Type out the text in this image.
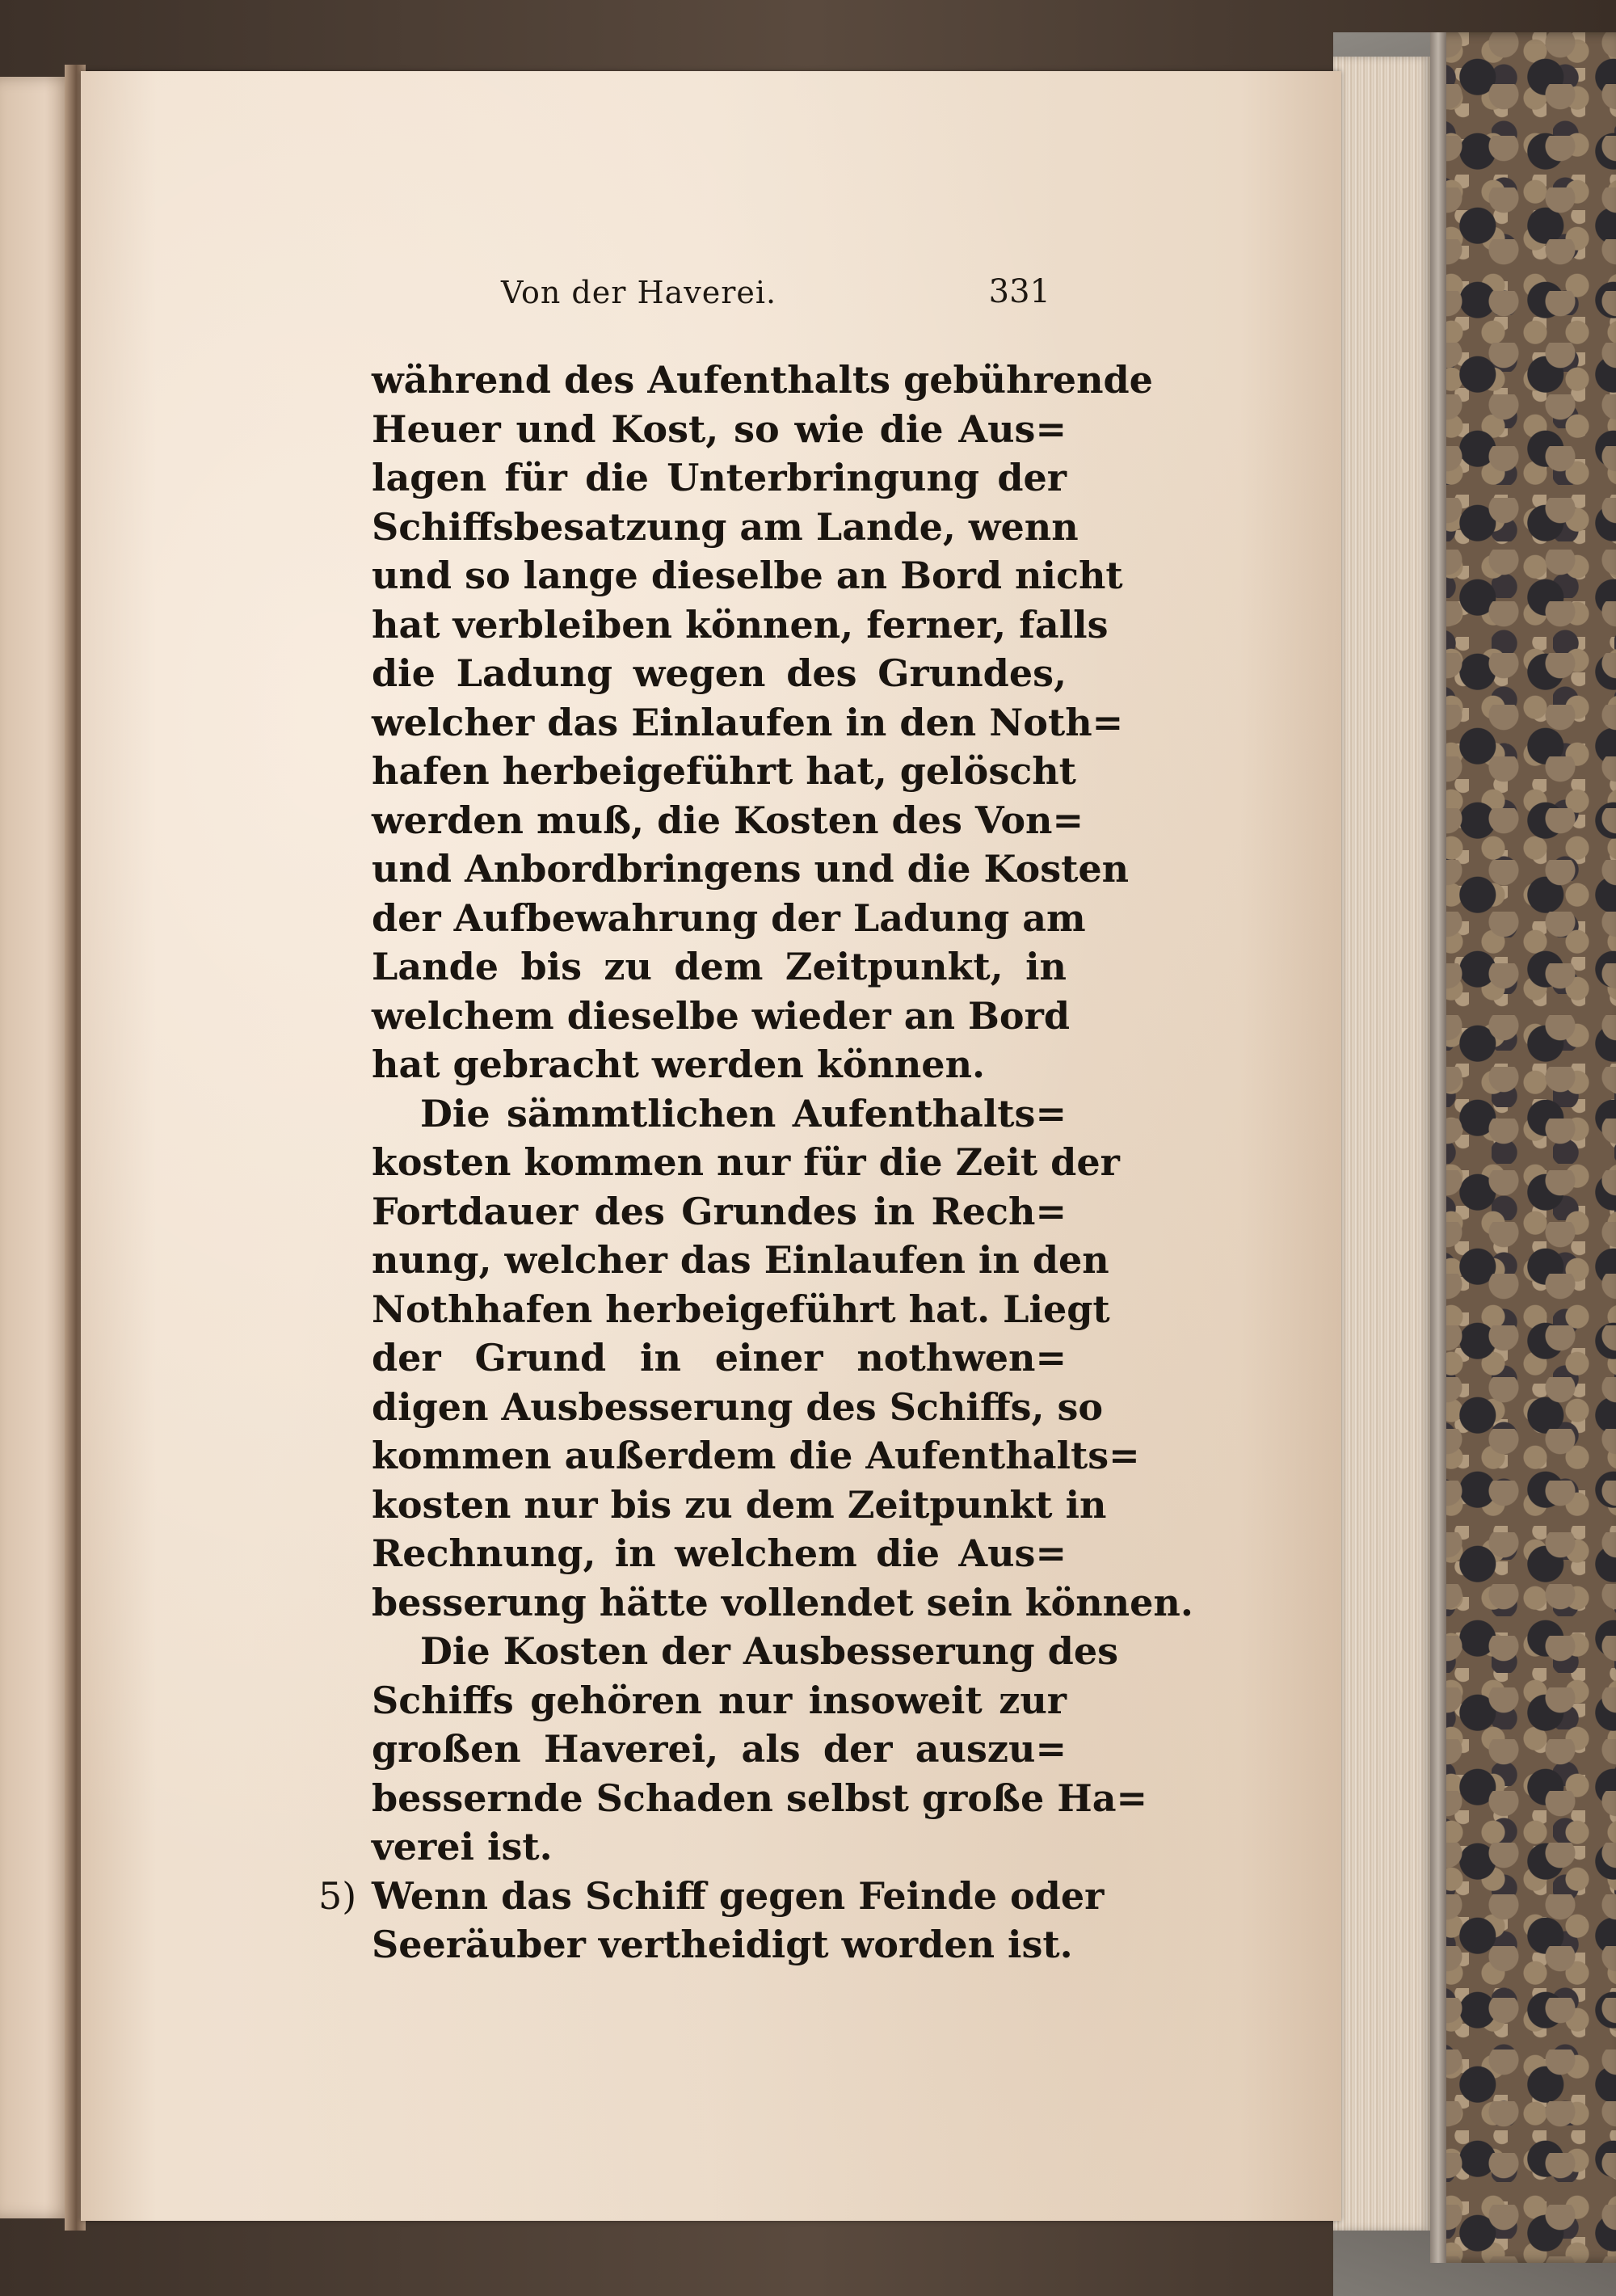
Von der Haverei.	331
während des Aufenthalts gebührende
Heuer und Kost, so wie die Aus=
lagen für die Unterbringung der
Schiffsbesatzung am Lande, wenn
und so lange dieselbe an Bord nicht
hat verbleiben können, ferner, falls
die Ladung wegen des Grundes,
welcher das Einlaufen in den Noth=
hafen herbeigeführt hat, gelöscht
werden muß, die Kosten des Von=
und Anbordbringens und die Kosten
der Aufbewahrung der Ladung am
Lande bis zu dem Zeitpunkt, in
welchem dieselbe wieder an Bord
hat gebracht werden können.
Die sämmtlichen Aufenthalts=
kosten kommen nur für die Zeit der
Fortdauer des Grundes in Rech=
nung, welcher das Einlaufen in den
Nothhafen herbeigeführt hat. Liegt
der Grund in einer nothwen=
digen Ausbesserung des Schiffs, so
kommen außerdem die Aufenthalts=
kosten nur bis zu dem Zeitpunkt in
Rechnung, in welchem die Aus=
besserung hätte vollendet sein können.
Die Kosten der Ausbesserung des
Schiffs gehören nur insoweit zur
großen Haverei, als der auszu=
bessernde Schaden selbst große Ha=
verei ist.
5) Wenn das Schiff gegen Feinde oder
Seeräuber vertheidigt worden ist.
